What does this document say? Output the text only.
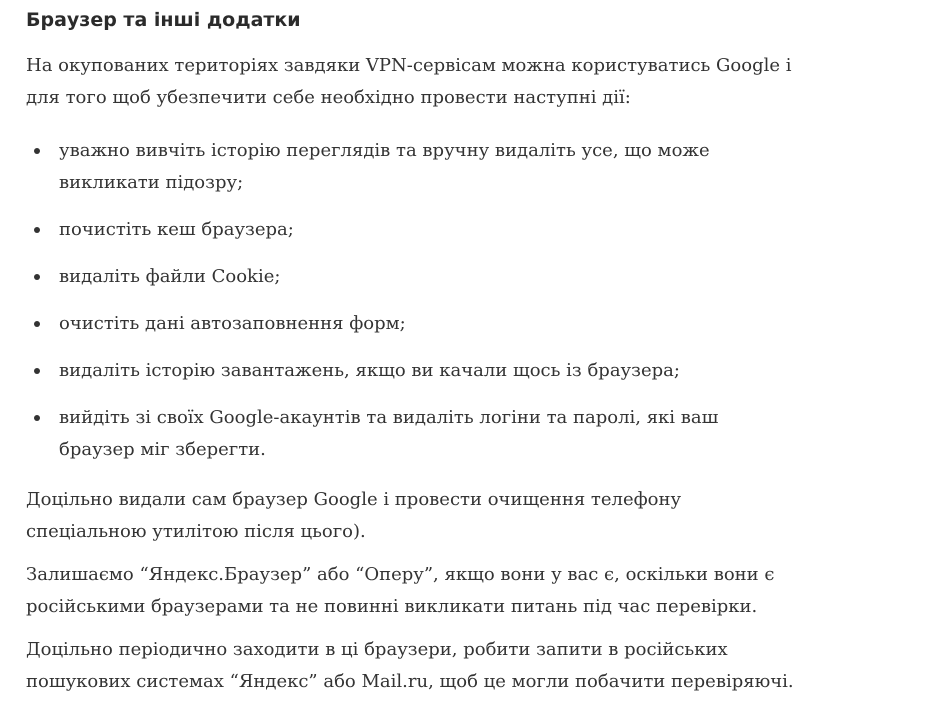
Браузер та інші додатки

На окупованих територіях завдяки VPN-сервісам можна користуватись Google і для того щоб убезпечити себе необхідно провести наступні дії:

уважно вивчіть історію переглядів та вручну видаліть усе, що може викликати підозру;
почистіть кеш браузера;
видаліть файли Cookie;
очистіть дані автозаповнення форм;
видаліть історію завантажень, якщо ви качали щось із браузера;
вийдіть зі своїх Google-акаунтів та видаліть логіни та паролі, які ваш браузер міг зберегти.

Доцільно видали сам браузер Google і провести очищення телефону спеціальною утилітою після цього).

Залишаємо “Яндекс.Браузер” або “Оперу”, якщо вони у вас є, оскільки вони є російськими браузерами та не повинні викликати питань під час перевірки.

Доцільно періодично заходити в ці браузери, робити запити в російських пошукових системах “Яндекс” або Mail.ru, щоб це могли побачити перевіряючі.
